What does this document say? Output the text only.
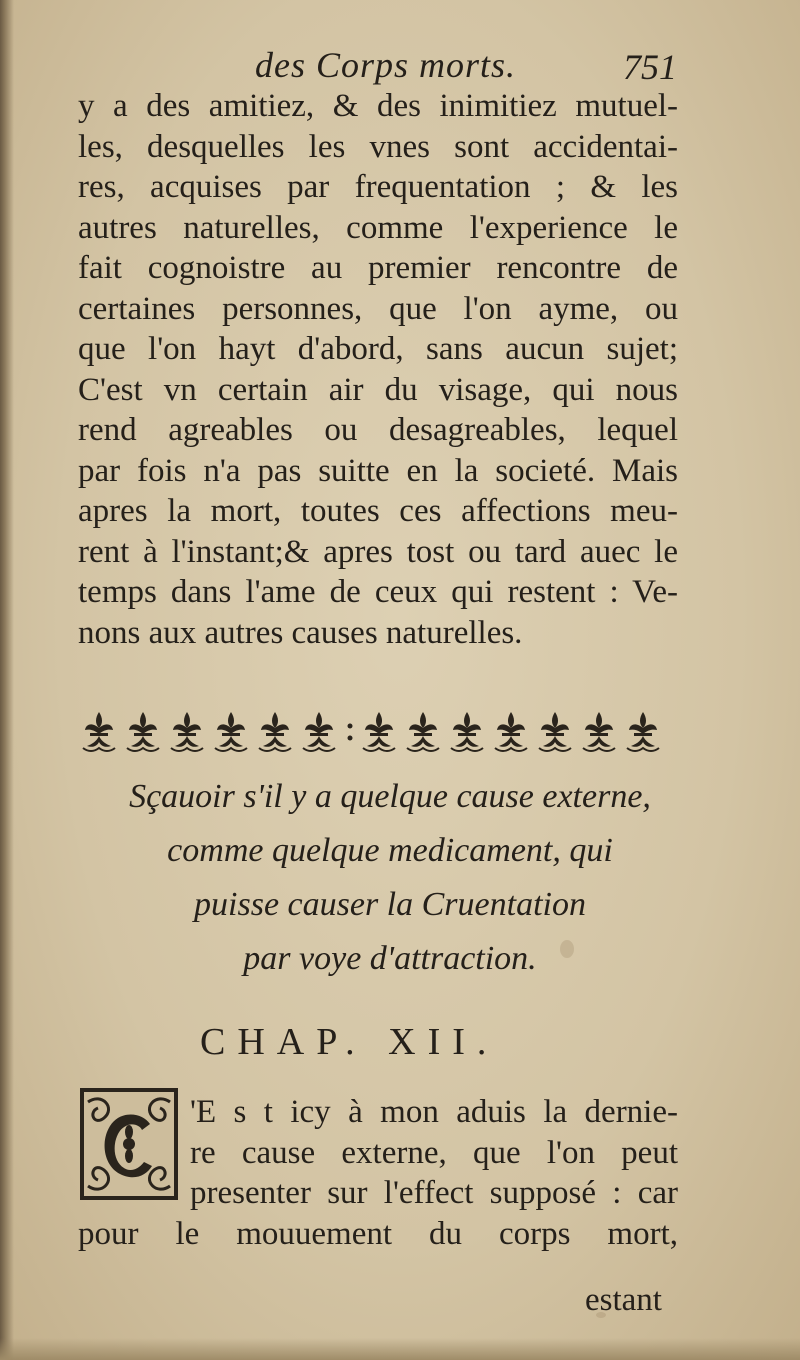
des Corps morts.	751
y a des amitiez, & des inimitiez mutuel-
les, desquelles les vnes sont accidentai-
res, acquises par frequentation ; & les
autres naturelles, comme l'experience le
fait cognoistre au premier rencontre de
certaines personnes, que l'on ayme, ou
que l'on hayt d'abord, sans aucun sujet;
C'est vn certain air du visage, qui nous
rend agreables ou desagreables, lequel
par fois n'a pas suitte en la societé. Mais
apres la mort, toutes ces affections meu-
rent à l'instant;& apres tost ou tard auec le
temps dans l'ame de ceux qui restent : Ve-
nons aux autres causes naturelles.
Sçauoir s'il y a quelque cause externe,
comme quelque medicament, qui
puisse causer la Cruentation
par voye d'attraction.
CHAP. XII.
'E s t icy à mon aduis la dernie-
re cause externe, que l'on peut
presenter sur l'effect supposé : car
pour le mouuement du corps mort,
estant
